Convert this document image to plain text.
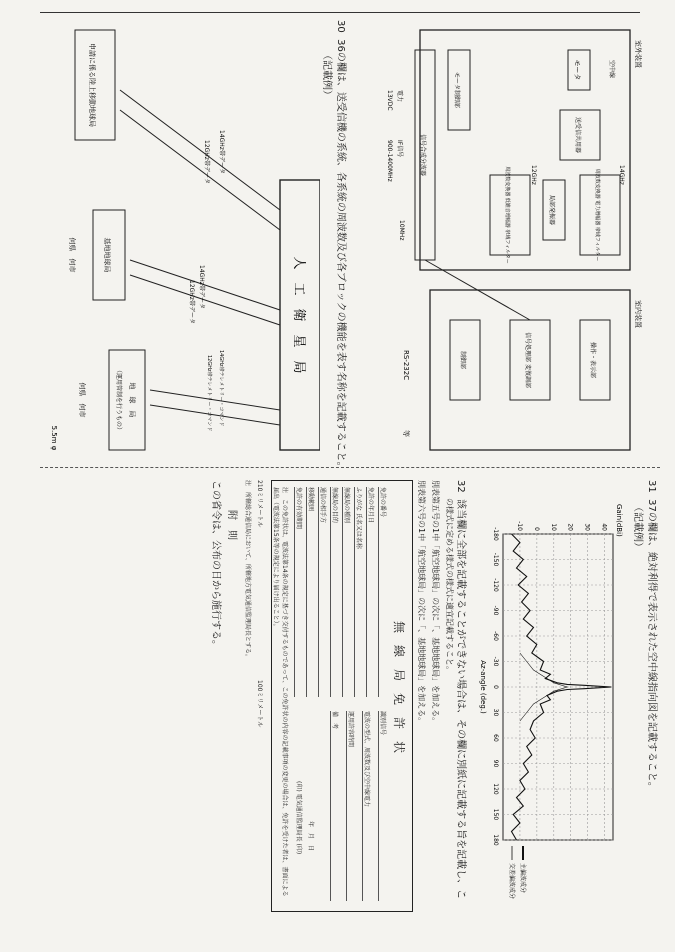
30  36の欄は、送受信機の系統、各系統の周波数及び各ブロックの機能を表す名称を記載すること。
（記載例）
人　工　衛　星　局
14GHz帯データ
12GHz帯データ
14GHz帯データ
12GHz帯データ
14GHz帯テレメトリー・コマンド
12GHz帯テレメトリー・コマンド
申請に係る陸上移動地球局
基地地球局
何県　何市
地　球　局
（運用管制を行うもの）
何県　何市
5.5m φ
室外装置
空中線
モータ
送受信共用器
周波数変換器 電力増幅器 帯域フィルター
局部発振器
周波数変換器 低雑音増幅器 帯域フィルター
モータ制御部
信号合成分波器	14GHz
12GHz
10MHz
IF信号
900-1400MHz
電力
13VDC
室内装置
操作・表示部
信号処理部 変復調部
制御部
RS-232C
等
31  37の欄は、絶対利得で表示された空中線指向図を記載すること。
（記載例）
-180
-150
-120
-90
-60
-30
0
30
60
90
120
150
180
-10 0 10 20 30 40
Az-angle (deg.)
Gain(dBi)
主偏波成分
交差偏波成分
32  該当欄に全部を記載することができない場合は、その欄に別紙に記載する旨を記載し、こ
の様式に定める様式の様式に適宜記載すること。
別表第五号の1中「航空地球局」の次に「、基地地球局」を加える。
別表第六号の1中「航空地球局」の次に「、基地地球局」を加える。
無　線　局　免　許　状
免許の番号
免許の年月日
ふりがな 氏名又は名称
無線局の種別
無線局の目的
通信の相手方
移動範囲
免許の有効期間
識別信号
電波の型式、周波数及び空中線電力
運用許容時間
備　考
注　この免許状は、電波法第14条の規定に基づき交付するものであって、この免許状の内容の記載事項の変更の場合は、免許を受けた者は、書面による届出（電波法第15条等の規定により届け出ること）。
(印) 電気通信監理局長 (印) 年　月　日
210ミリメートル
100ミリメートル
注　所轄総合通信局において、所轄地方電気通信監理局長とする。
附　則
この省令は、公布の日から施行する。
